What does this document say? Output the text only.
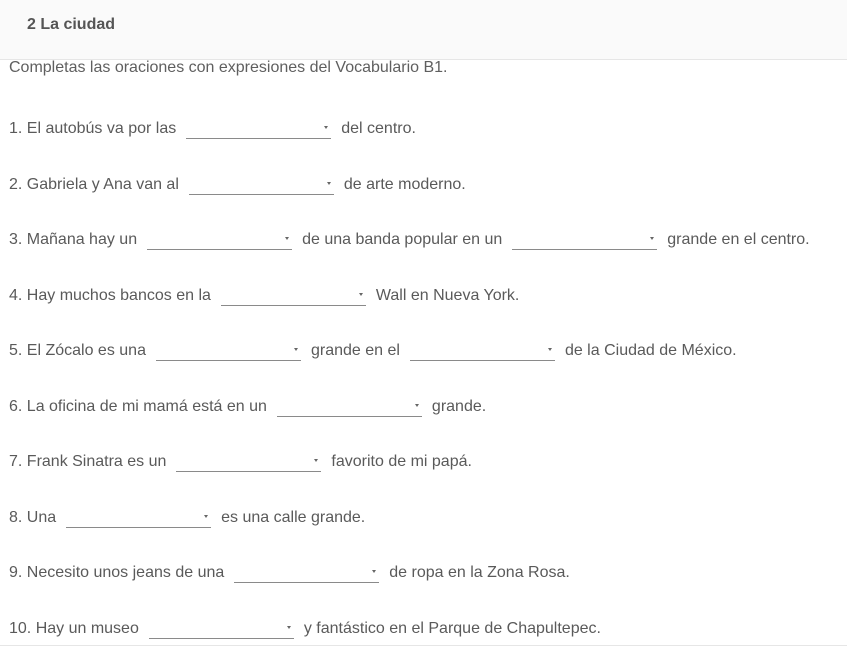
2 La ciudad
Completas las oraciones con expresiones del Vocabulario B1.
1. El autobús va por las	del centro.
2. Gabriela y Ana van al	de arte moderno.
3. Mañana hay un	de una banda popular en un	grande en el centro.
4. Hay muchos bancos en la	Wall en Nueva York.
5. El Zócalo es una	grande en el	de la Ciudad de México.
6. La oficina de mi mamá está en un	grande.
7. Frank Sinatra es un	favorito de mi papá.
8. Una	es una calle grande.
9. Necesito unos jeans de una	de ropa en la Zona Rosa.
10. Hay un museo	y fantástico en el Parque de Chapultepec.
